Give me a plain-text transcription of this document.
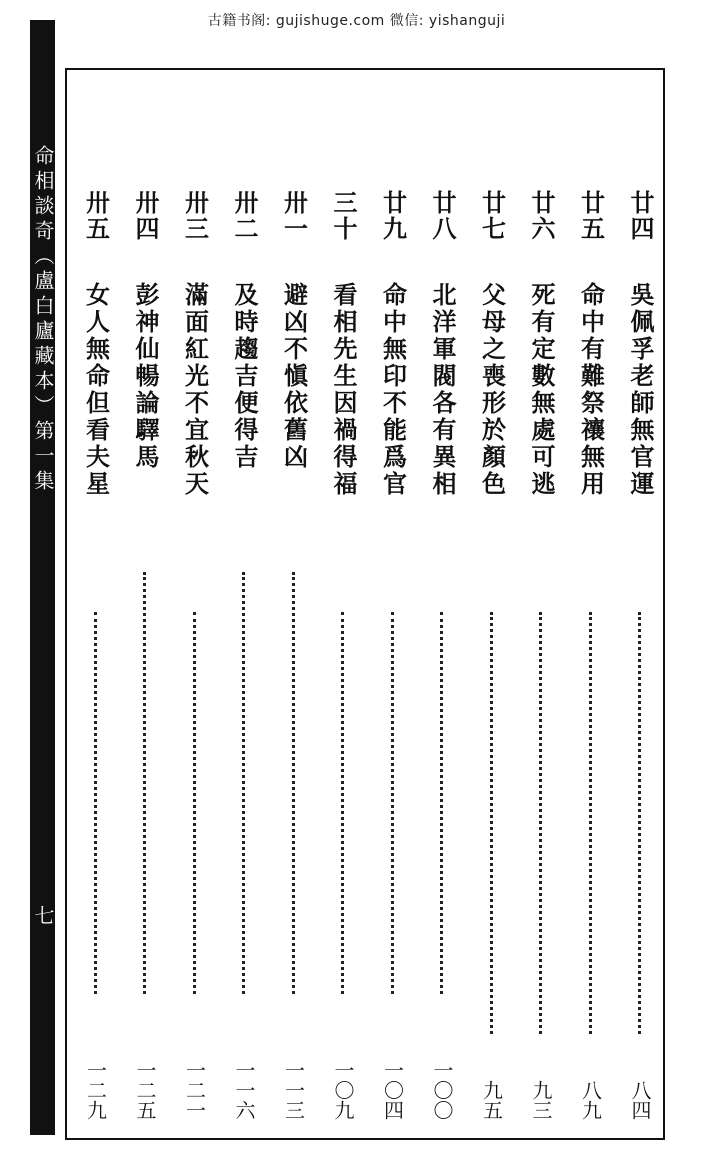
古籍书阁: gujishuge.com 微信: yishanguji
命相談奇（盧白廬藏本）第一集
七
廿四
吳佩孚老師無官運
八四
廿五
命中有難祭禳無用
八九
廿六
死有定數無處可逃
九三
廿七
父母之喪形於顏色
九五
廿八
北洋軍閥各有異相
一〇〇
廿九
命中無印不能爲官
一〇四
三十
看相先生因禍得福
一〇九
卅一
避凶不愼依舊凶
一一三
卅二
及時趨吉便得吉
一一六
卅三
滿面紅光不宜秋天
一二一
卅四
彭神仙暢論驛馬
一二五
卅五
女人無命但看夫星
一二九
